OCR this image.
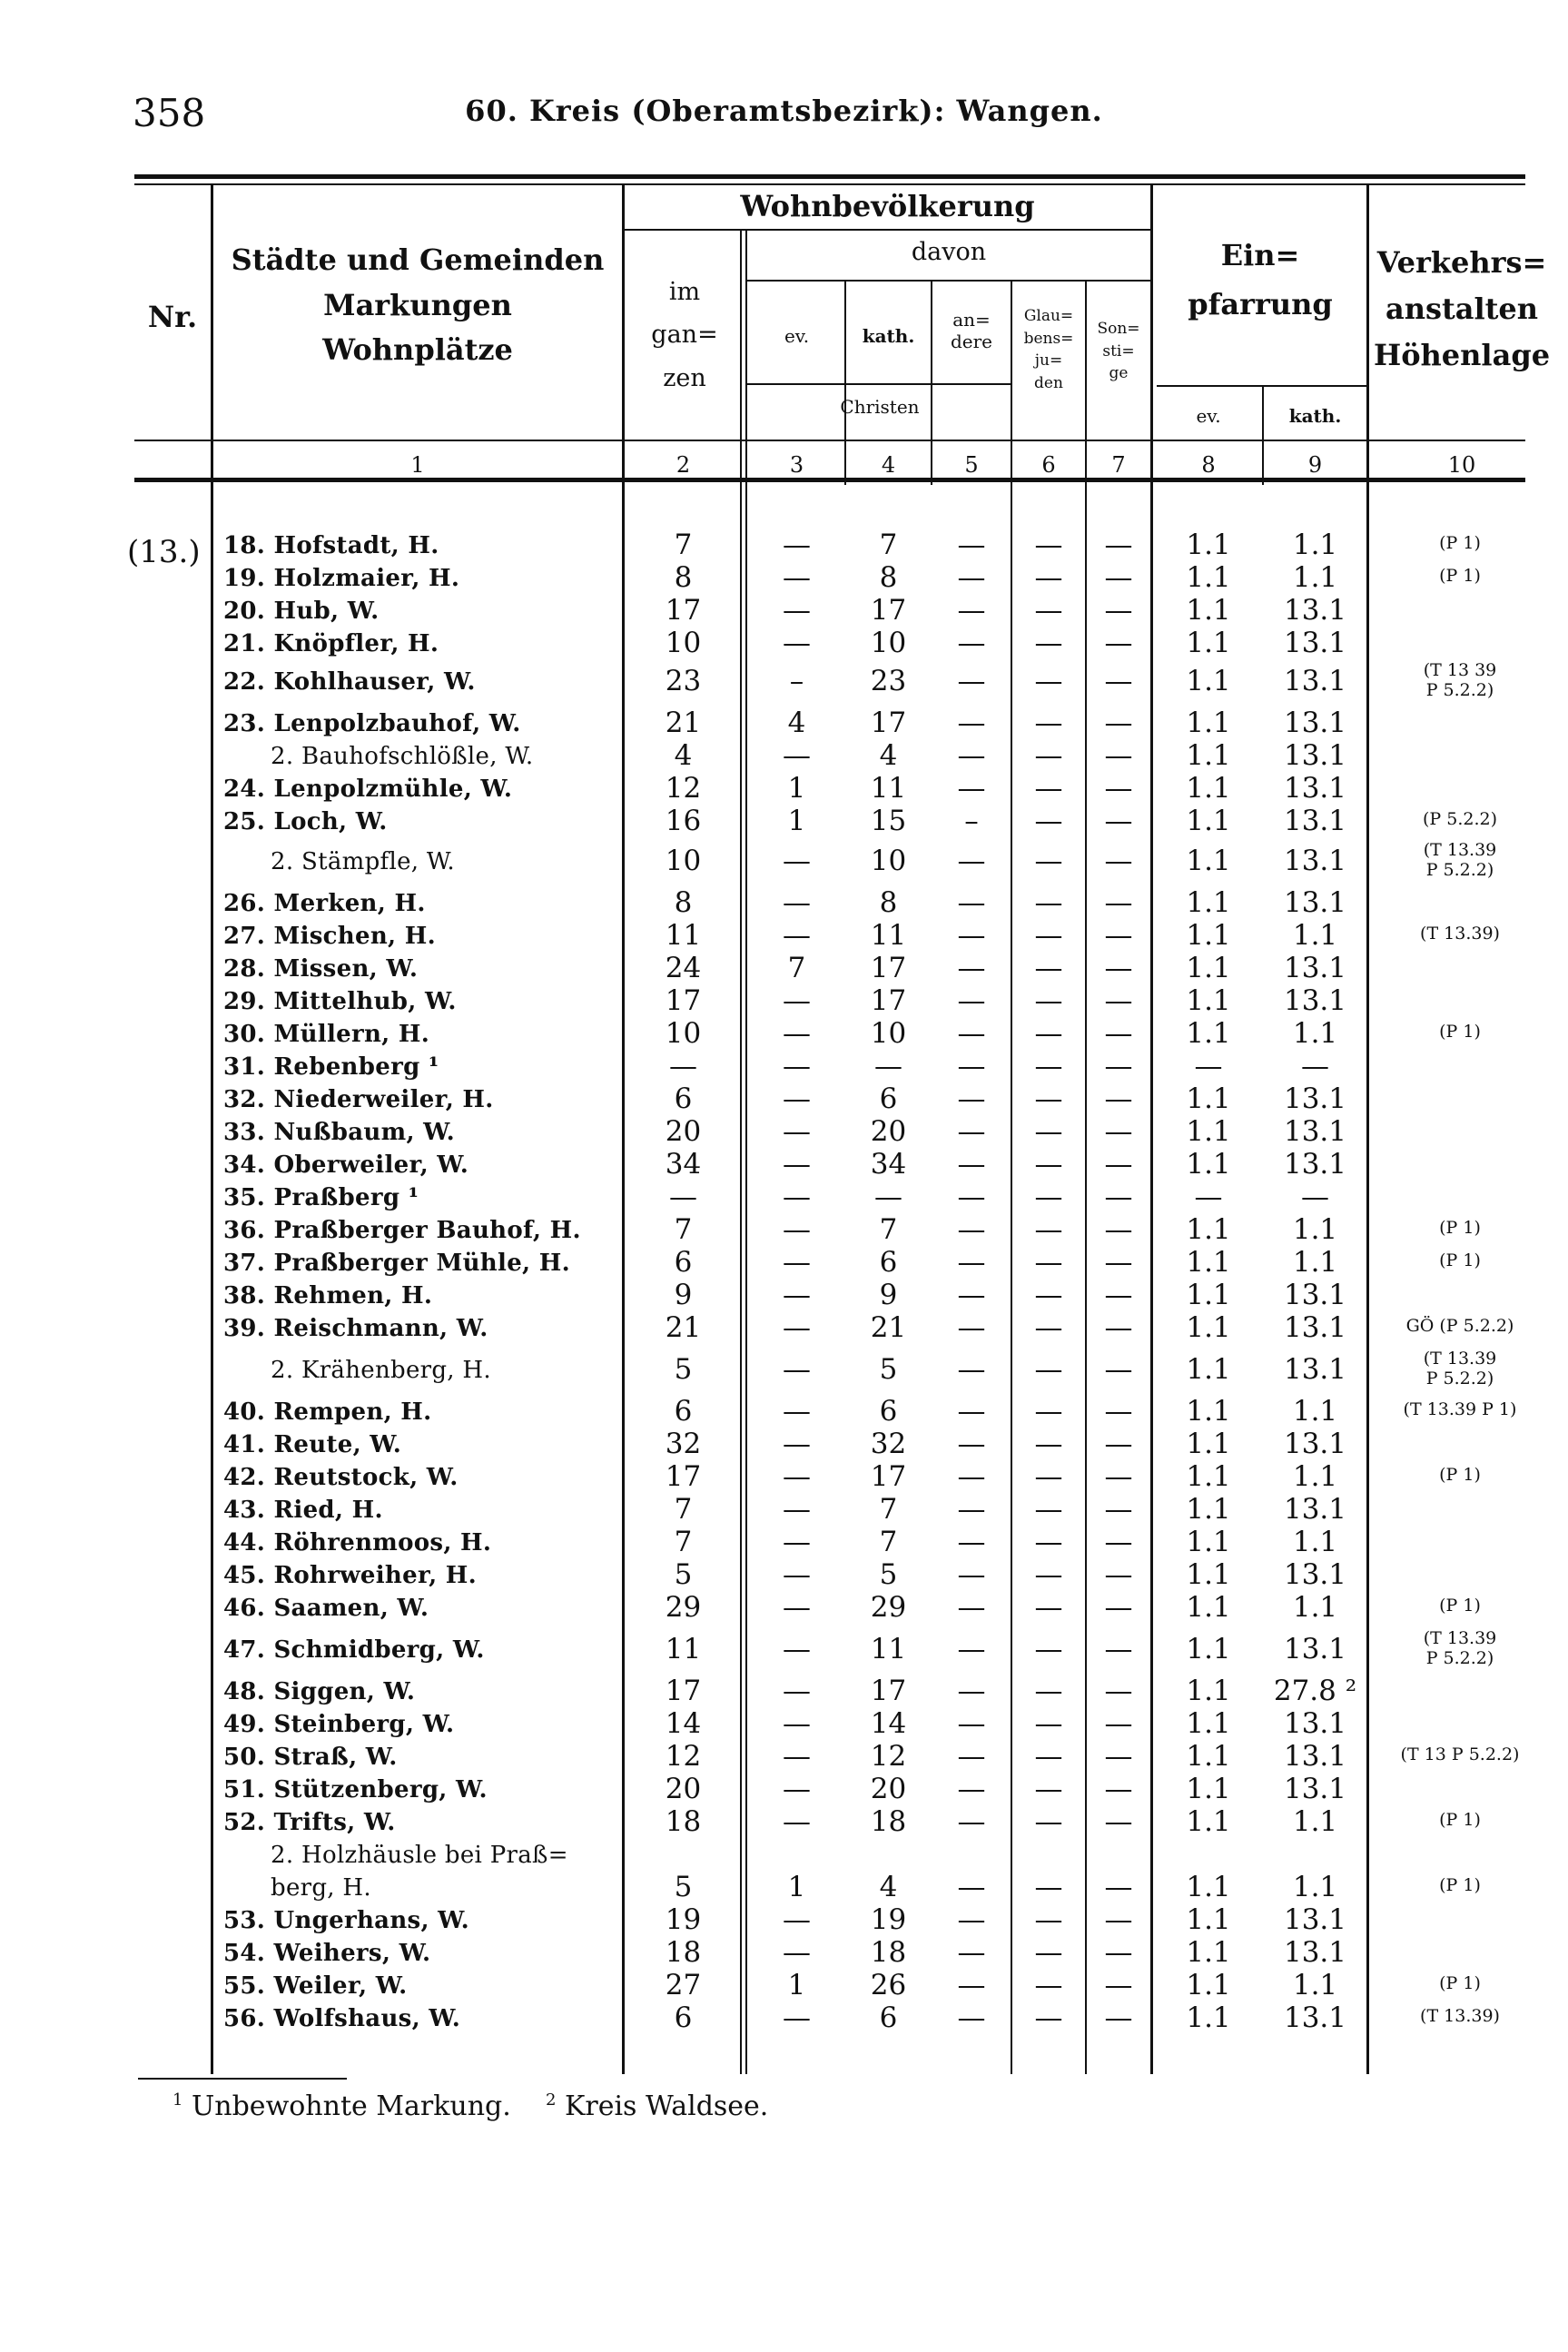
358	60. Kreis (Oberamtsbezirk): Wangen.
Nr.
Städte und Gemeinden
Markungen
Wohnplätze
Wohnbevölkerung
im
gan=
zen
davon
ev.	kath.
an=
dere
Christen
Glau=
bens=
ju=
den
Son=
sti=
ge
Ein=
pfarrung
ev.	kath.
Verkehrs=
anstalten
Höhenlage
1	2	3	4	5	6	7	8	9	10
(13.) 18. Hofstadt, H.	7	—	7	—	—	—	1.1	1.1	(P 1)
19. Holzmaier, H.	8	—	8	—	—	—	1.1	1.1	(P 1)
20. Hub, W.	17	—	17	—	—	—	1.1	13.1
21. Knöpfler, H.	10	—	10	—	—	—	1.1	13.1
22. Kohlhauser, W.	23	–	23	—	—	—	1.1	13.1	(T 13 39
P 5.2.2)
23. Lenpolzbauhof, W.	21	4	17	—	—	—	1.1	13.1
2. Bauhofschlößle, W.	4	—	4	—	—	—	1.1	13.1
24. Lenpolzmühle, W.	12	1	11	—	—	—	1.1	13.1
25. Loch, W.	16	1	15	–	—	—	1.1	13.1	(P 5.2.2)
2. Stämpfle, W.	10	—	10	—	—	—	1.1	13.1	(T 13.39
P 5.2.2)
26. Merken, H.	8	—	8	—	—	—	1.1	13.1
27. Mischen, H.	11	—	11	—	—	—	1.1	1.1	(T 13.39)
28. Missen, W.	24	7	17	—	—	—	1.1	13.1
29. Mittelhub, W.	17	—	17	—	—	—	1.1	13.1
30. Müllern, H.	10	—	10	—	—	—	1.1	1.1	(P 1)
31. Rebenberg ¹	—	—	—	—	—	—	—	—
32. Niederweiler, H.	6	—	6	—	—	—	1.1	13.1
33. Nußbaum, W.	20	—	20	—	—	—	1.1	13.1
34. Oberweiler, W.	34	—	34	—	—	—	1.1	13.1
35. Praßberg ¹	—	—	—	—	—	—	—	—
36. Praßberger Bauhof, H.	7	—	7	—	—	—	1.1	1.1	(P 1)
37. Praßberger Mühle, H.	6	—	6	—	—	—	1.1	1.1	(P 1)
38. Rehmen, H.	9	—	9	—	—	—	1.1	13.1
39. Reischmann, W.	21	—	21	—	—	—	1.1	13.1	GÖ (P 5.2.2)
2. Krähenberg, H.	5	—	5	—	—	—	1.1	13.1	(T 13.39
P 5.2.2)
40. Rempen, H.	6	—	6	—	—	—	1.1	1.1	(T 13.39 P 1)
41. Reute, W.	32	—	32	—	—	—	1.1	13.1
42. Reutstock, W.	17	—	17	—	—	—	1.1	1.1	(P 1)
43. Ried, H.	7	—	7	—	—	—	1.1	13.1
44. Röhrenmoos, H.	7	—	7	—	—	—	1.1	1.1
45. Rohrweiher, H.	5	—	5	—	—	—	1.1	13.1
46. Saamen, W.	29	—	29	—	—	—	1.1	1.1	(P 1)
47. Schmidberg, W.	11	—	11	—	—	—	1.1	13.1	(T 13.39
P 5.2.2)
48. Siggen, W.	17	—	17	—	—	—	1.1	27.8 ²
49. Steinberg, W.	14	—	14	—	—	—	1.1	13.1
50. Straß, W.	12	—	12	—	—	—	1.1	13.1	(T 13 P 5.2.2)
51. Stützenberg, W.	20	—	20	—	—	—	1.1	13.1
52. Trifts, W.	18	—	18	—	—	—	1.1	1.1	(P 1)
2. Holzhäusle bei Praß=
berg, H.	5	1	4	—	—	—	1.1	1.1	(P 1)
53. Ungerhans, W.	19	—	19	—	—	—	1.1	13.1
54. Weihers, W.	18	—	18	—	—	—	1.1	13.1
55. Weiler, W.	27	1	26	—	—	—	1.1	1.1	(P 1)
56. Wolfshaus, W.	6	—	6	—	—	—	1.1	13.1	(T 13.39)
$^1$ Unbewohnte Markung. $^2$ Kreis Waldsee.
